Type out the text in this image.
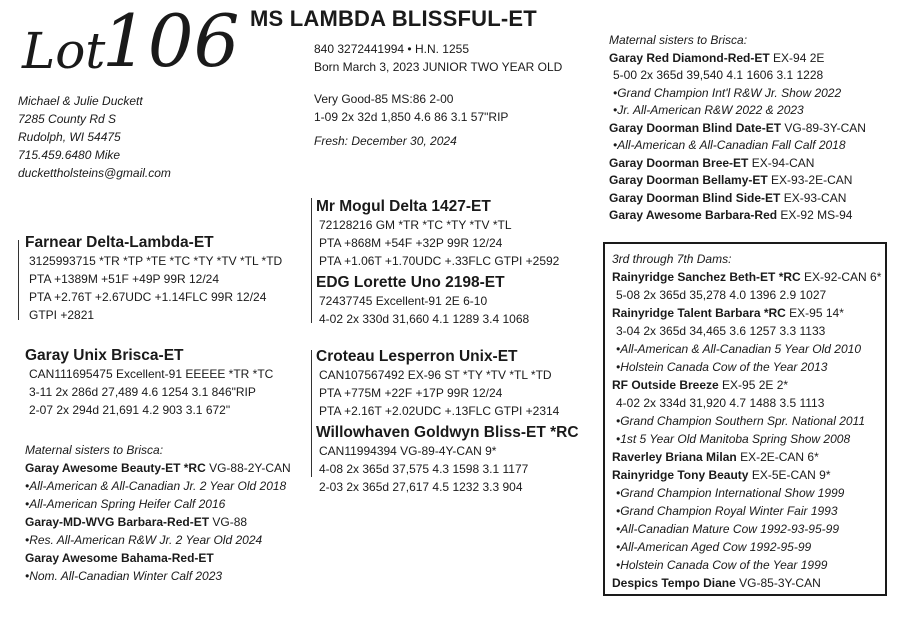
Lot
106 MS LAMBDA BLISSFUL-ET
840 3272441994 • H.N. 1255
Born March 3, 2023 JUNIOR TWO YEAR OLD
Very Good-85 MS:86 2-00
1-09 2x 32d 1,850 4.6 86 3.1 57"RIP
Fresh: December 30, 2024
Michael & Julie Duckett
7285 County Rd S
Rudolph, WI 54475
715.459.6480 Mike
duckettholsteins@gmail.com
Farnear Delta-Lambda-ET
3125993715 *TR *TP *TE *TC *TY *TV *TL *TD
PTA +1389M +51F +49P 99R 12/24
PTA +2.76T +2.67UDC +1.14FLC 99R 12/24
GTPI +2821
Garay Unix Brisca-ET
CAN111695475 Excellent-91 EEEEE *TR *TC
3-11 2x 286d 27,489 4.6 1254 3.1 846"RIP
2-07 2x 294d 21,691 4.2 903 3.1 672"
Maternal sisters to Brisca:
Garay Awesome Beauty-ET *RC VG-88-2Y-CAN
•All-American & All-Canadian Jr. 2 Year Old 2018
•All-American Spring Heifer Calf 2016
Garay-MD-WVG Barbara-Red-ET VG-88
•Res. All-American R&W Jr. 2 Year Old 2024
Garay Awesome Bahama-Red-ET
•Nom. All-Canadian Winter Calf 2023
Mr Mogul Delta 1427-ET
72128216 GM *TR *TC *TY *TV *TL
PTA +868M +54F +32P 99R 12/24
PTA +1.06T +1.70UDC +.33FLC GTPI +2592
EDG Lorette Uno 2198-ET
72437745 Excellent-91 2E 6-10
4-02 2x 330d 31,660 4.1 1289 3.4 1068
Croteau Lesperron Unix-ET
CAN107567492 EX-96 ST *TY *TV *TL *TD
PTA +775M +22F +17P 99R 12/24
PTA +2.16T +2.02UDC +.13FLC GTPI +2314
Willowhaven Goldwyn Bliss-ET *RC
CAN11994394 VG-89-4Y-CAN 9*
4-08 2x 365d 37,575 4.3 1598 3.1 1177
2-03 2x 365d 27,617 4.5 1232 3.3 904
Maternal sisters to Brisca:
Garay Red Diamond-Red-ET EX-94 2E
5-00 2x 365d 39,540 4.1 1606 3.1 1228
•Grand Champion Int'l R&W Jr. Show 2022
•Jr. All-American R&W 2022 & 2023
Garay Doorman Blind Date-ET VG-89-3Y-CAN
•All-American & All-Canadian Fall Calf 2018
Garay Doorman Bree-ET EX-94-CAN
Garay Doorman Bellamy-ET EX-93-2E-CAN
Garay Doorman Blind Side-ET EX-93-CAN
Garay Awesome Barbara-Red EX-92 MS-94
3rd through 7th Dams:
Rainyridge Sanchez Beth-ET *RC EX-92-CAN 6*
5-08 2x 365d 35,278 4.0 1396 2.9 1027
Rainyridge Talent Barbara *RC EX-95 14*
3-04 2x 365d 34,465 3.6 1257 3.3 1133
•All-American & All-Canadian 5 Year Old 2010
•Holstein Canada Cow of the Year 2013
RF Outside Breeze EX-95 2E 2*
4-02 2x 334d 31,920 4.7 1488 3.5 1113
•Grand Champion Southern Spr. National 2011
•1st 5 Year Old Manitoba Spring Show 2008
Raverley Briana Milan EX-2E-CAN 6*
Rainyridge Tony Beauty EX-5E-CAN 9*
•Grand Champion International Show 1999
•Grand Champion Royal Winter Fair 1993
•All-Canadian Mature Cow 1992-93-95-99
•All-American Aged Cow 1992-95-99
•Holstein Canada Cow of the Year 1999
Despics Tempo Diane VG-85-3Y-CAN
